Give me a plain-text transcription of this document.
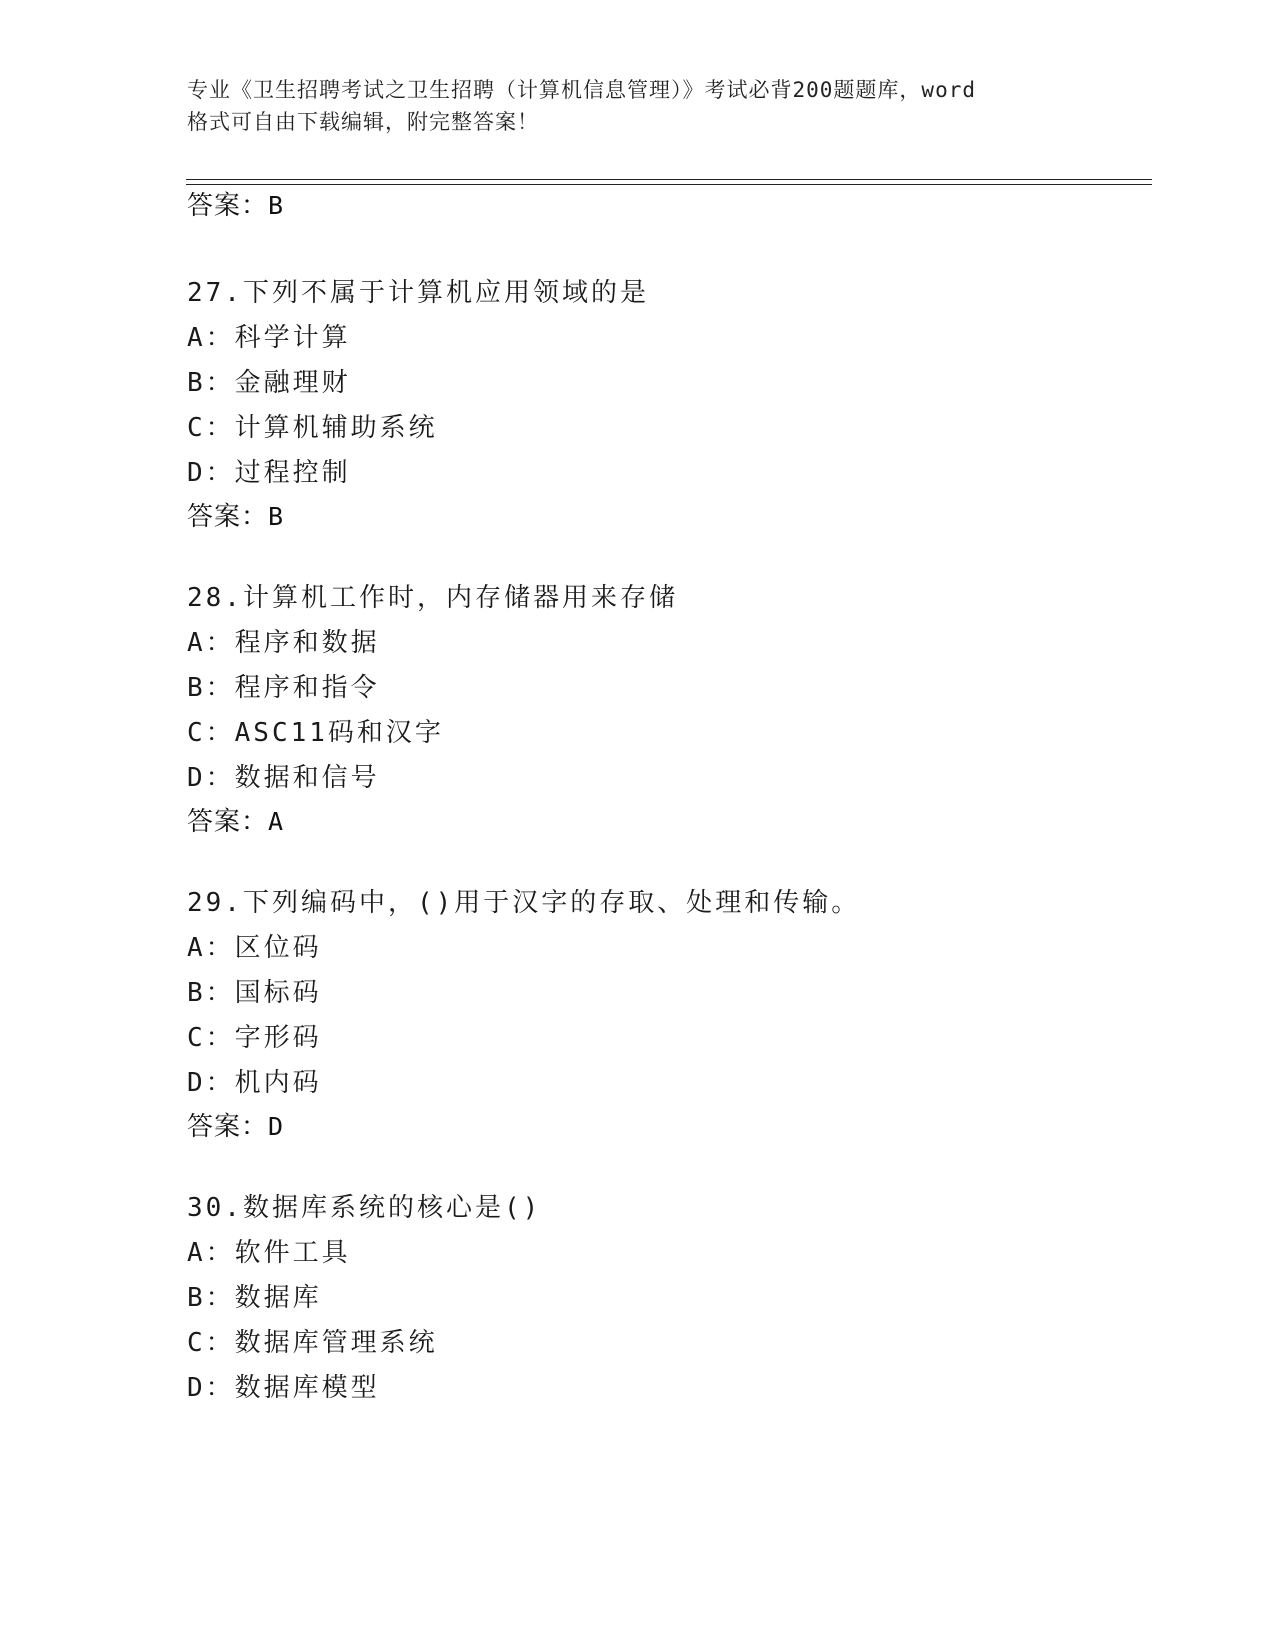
专业《卫生招聘考试之卫生招聘（计算机信息管理）》考试必背200题题库，word
格式可自由下载编辑，附完整答案！
答案：B
27.下列不属于计算机应用领域的是
A：科学计算
B：金融理财
C：计算机辅助系统
D：过程控制
答案：B
28.计算机工作时，内存储器用来存储
A：程序和数据
B：程序和指令
C：ASC11码和汉字
D：数据和信号
答案：A
29.下列编码中，()用于汉字的存取、处理和传输。
A：区位码
B：国标码
C：字形码
D：机内码
答案：D
30.数据库系统的核心是()
A：软件工具
B：数据库
C：数据库管理系统
D：数据库模型
